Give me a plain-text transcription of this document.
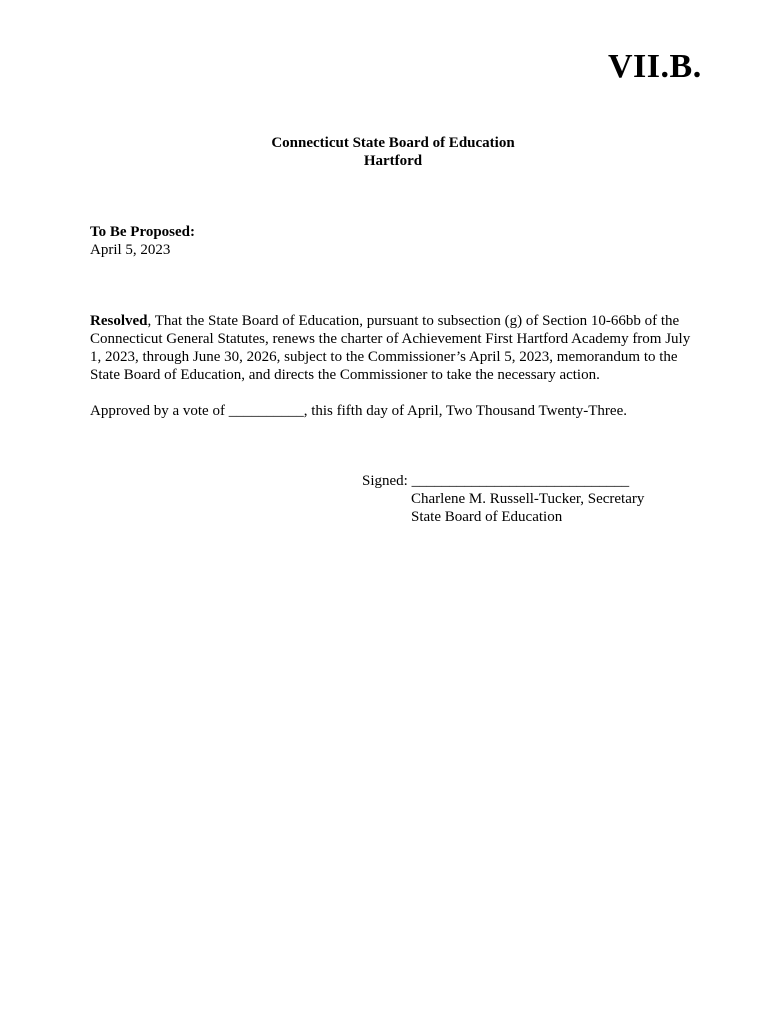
VII.B.
Connecticut State Board of Education
Hartford
To Be Proposed:
April 5, 2023

Resolved, That the State Board of Education, pursuant to subsection (g) of Section 10-66bb of the Connecticut General Statutes, renews the charter of Achievement First Hartford Academy from July 1, 2023, through June 30, 2026, subject to the Commissioner’s April 5, 2023, memorandum to the State Board of Education, and directs the Commissioner to take the necessary action.

Approved by a vote of __________, this fifth day of April, Two Thousand Twenty-Three.
Signed: _____________________________
Charlene M. Russell-Tucker, Secretary
State Board of Education
